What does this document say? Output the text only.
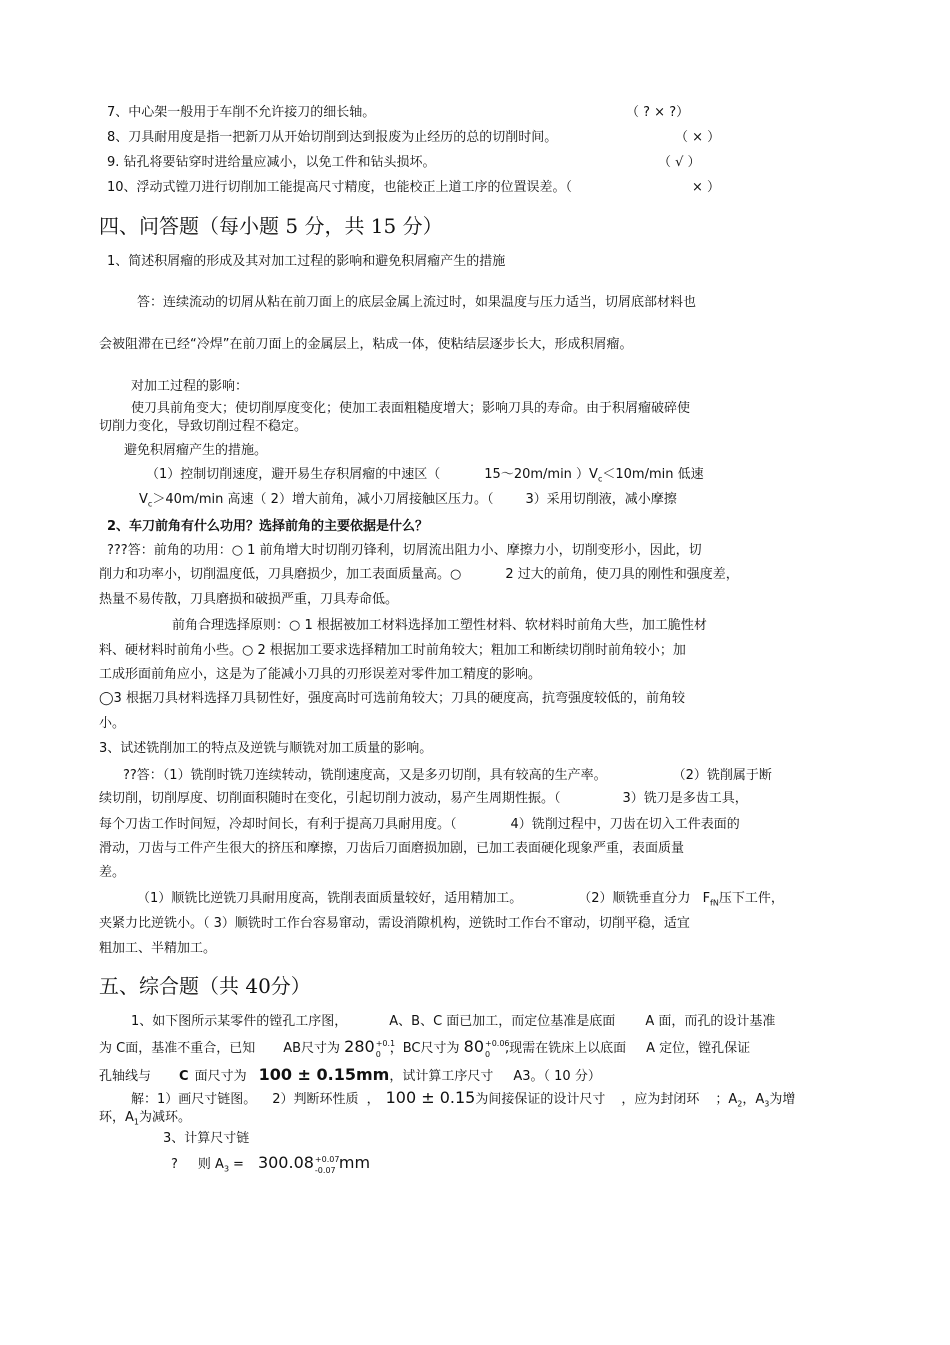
7、中心架一般用于车削不允许接刀的细长轴。	（ ? × ?）
8、刀具耐用度是指一把新刀从开始切削到达到报废为止经历的总的切削时间。	（ × ）
9. 钻孔将要钻穿时进给量应减小，以免工件和钻头损坏。	（ √ ）
10、浮动式镗刀进行切削加工能提高尺寸精度，也能校正上道工序的位置误差。（	× ）
四、问答题（每小题 5 分，共 15 分）
1、简述积屑瘤的形成及其对加工过程的影响和避免积屑瘤产生的措施
答：连续流动的切屑从粘在前刀面上的底层金属上流过时，如果温度与压力适当，切屑底部材料也
会被阻滞在已经“冷焊”在前刀面上的金属层上，粘成一体，使粘结层逐步长大，形成积屑瘤。
对加工过程的影响：
使刀具前角变大；使切削厚度变化；使加工表面粗糙度增大；影响刀具的寿命。由于积屑瘤破碎使
切削力变化，导致切削过程不稳定。
避免积屑瘤产生的措施。
（1）控制切削速度，避开易生存积屑瘤的中速区（	15～20m/min ）$V_c<10m/\min$ 低速
$V_c>40m/\min$ 高速（ 2）增大前角，减小刀屑接触区压力。（ 3）采用切削液，减小摩擦
2、车刀前角有什么功用？选择前角的主要依据是什么？
???答：前角的功用：○ 1 前角增大时切削刃锋利，切屑流出阻力小、摩擦力小，切削变形小，因此，切
削力和功率小，切削温度低，刀具磨损少，加工表面质量高。○	2 过大的前角，使刀具的刚性和强度差，
热量不易传散，刀具磨损和破损严重，刀具寿命低。
前角合理选择原则：○ 1 根据被加工材料选择加工塑性材料、软材料时前角大些，加工脆性材
料、硬材料时前角小些。○ 2 根据加工要求选择精加工时前角较大；粗加工和断续切削时前角较小；加
工成形面前角应小，这是为了能减小刀具的刃形误差对零件加工精度的影响。
◯3 根据刀具材料选择刀具韧性好，强度高时可选前角较大；刀具的硬度高，抗弯强度较低的，前角较
小。
3、试述铣削加工的特点及逆铣与顺铣对加工质量的影响。
??答：（1）铣削时铣刀连续转动，铣削速度高，又是多刃切削，具有较高的生产率。	（2）铣削属于断
续切削，切削厚度、切削面积随时在变化，引起切削力波动，易产生周期性振。（	3）铣刀是多齿工具，
每个刀齿工作时间短，冷却时间长，有利于提高刀具耐用度。（	4）铣削过程中，刀齿在切入工件表面的
滑动，刀齿与工件产生很大的挤压和摩擦，刀齿后刀面磨损加剧，已加工表面硬化现象严重，表面质量
差。
（1）顺铣比逆铣刀具耐用度高，铣削表面质量较好，适用精加工。	（2）顺铣垂直分力 $F_{fN}$压下工件，
夹紧力比逆铣小。（ 3）顺铣时工作台容易窜动，需设消隙机构，逆铣时工作台不窜动，切削平稳，适宜
粗加工、半精加工。
五、综合题（共 40分）
1、如下图所示某零件的镗孔工序图，	A、B、C 面已加工，而定位基准是底面 A 面，而孔的设计基准
为 C面，基准不重合，已知 AB尺寸为 280 +0.1
0 ，BC尺寸为 80 +0.06
0 ,现需在铣床上以底面 A 定位，镗孔保证
孔轴线与 C 面尺寸为 100 ± 0.15mm，试计算工序尺寸 A3。（ 10 分）
解：1）画尺寸链图。 2）判断环性质 ， 100 ± 0.15为间接保证的设计尺寸 ，应为封闭环 ；$A_2$，$A_3$为增
环，$A_1$为减环。
3、计算尺寸链
? 则 $A_3 = 300.08 +0.07$
-0.07 mm
